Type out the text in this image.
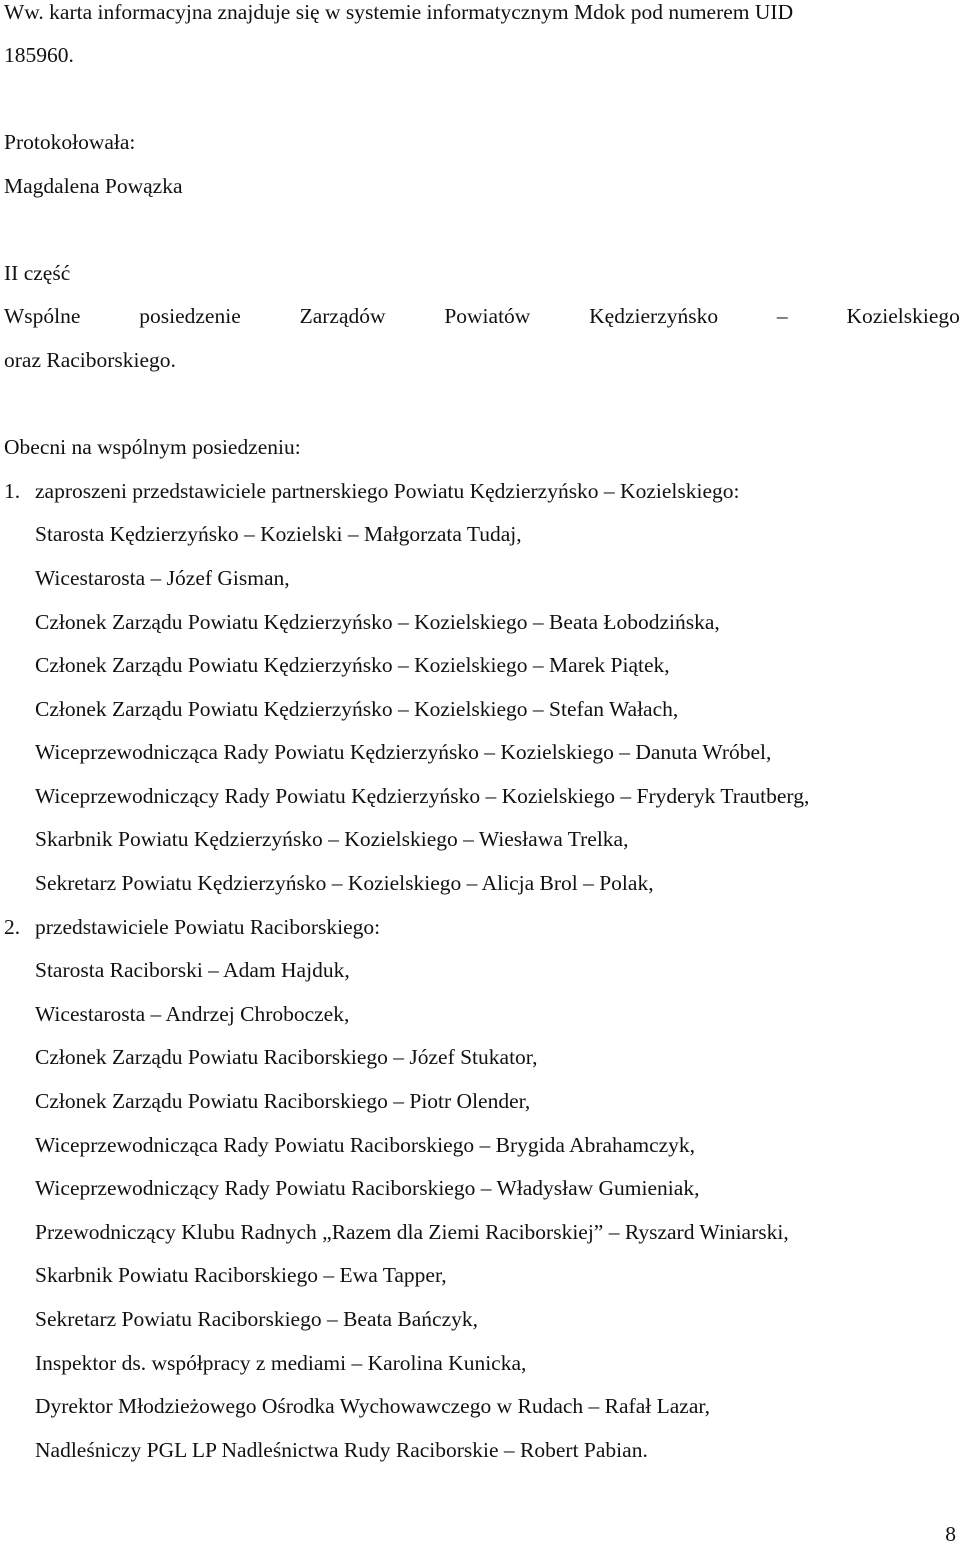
Ww. karta informacyjna znajduje się w systemie informatycznym Mdok pod numerem UID
185960.
Protokołowała:
Magdalena Powązka
II część
Wspólne	posiedzenie	Zarządów	Powiatów	Kędzierzyńsko	–	Kozielskiego
oraz Raciborskiego.
Obecni na wspólnym posiedzeniu:
1. zaproszeni przedstawiciele partnerskiego Powiatu Kędzierzyńsko – Kozielskiego:
Starosta Kędzierzyńsko – Kozielski – Małgorzata Tudaj,
Wicestarosta – Józef Gisman,
Członek Zarządu Powiatu Kędzierzyńsko – Kozielskiego – Beata Łobodzińska,
Członek Zarządu Powiatu Kędzierzyńsko – Kozielskiego – Marek Piątek,
Członek Zarządu Powiatu Kędzierzyńsko – Kozielskiego – Stefan Wałach,
Wiceprzewodnicząca Rady Powiatu Kędzierzyńsko – Kozielskiego – Danuta Wróbel,
Wiceprzewodniczący Rady Powiatu Kędzierzyńsko – Kozielskiego – Fryderyk Trautberg,
Skarbnik Powiatu Kędzierzyńsko – Kozielskiego – Wiesława Trelka,
Sekretarz Powiatu Kędzierzyńsko – Kozielskiego – Alicja Brol – Polak,
2. przedstawiciele Powiatu Raciborskiego:
Starosta Raciborski – Adam Hajduk,
Wicestarosta – Andrzej Chroboczek,
Członek Zarządu Powiatu Raciborskiego – Józef Stukator,
Członek Zarządu Powiatu Raciborskiego – Piotr Olender,
Wiceprzewodnicząca Rady Powiatu Raciborskiego – Brygida Abrahamczyk,
Wiceprzewodniczący Rady Powiatu Raciborskiego – Władysław Gumieniak,
Przewodniczący Klubu Radnych „Razem dla Ziemi Raciborskiej” – Ryszard Winiarski,
Skarbnik Powiatu Raciborskiego – Ewa Tapper,
Sekretarz Powiatu Raciborskiego – Beata Bańczyk,
Inspektor ds. współpracy z mediami – Karolina Kunicka,
Dyrektor Młodzieżowego Ośrodka Wychowawczego w Rudach – Rafał Lazar,
Nadleśniczy PGL LP Nadleśnictwa Rudy Raciborskie – Robert Pabian.
8
